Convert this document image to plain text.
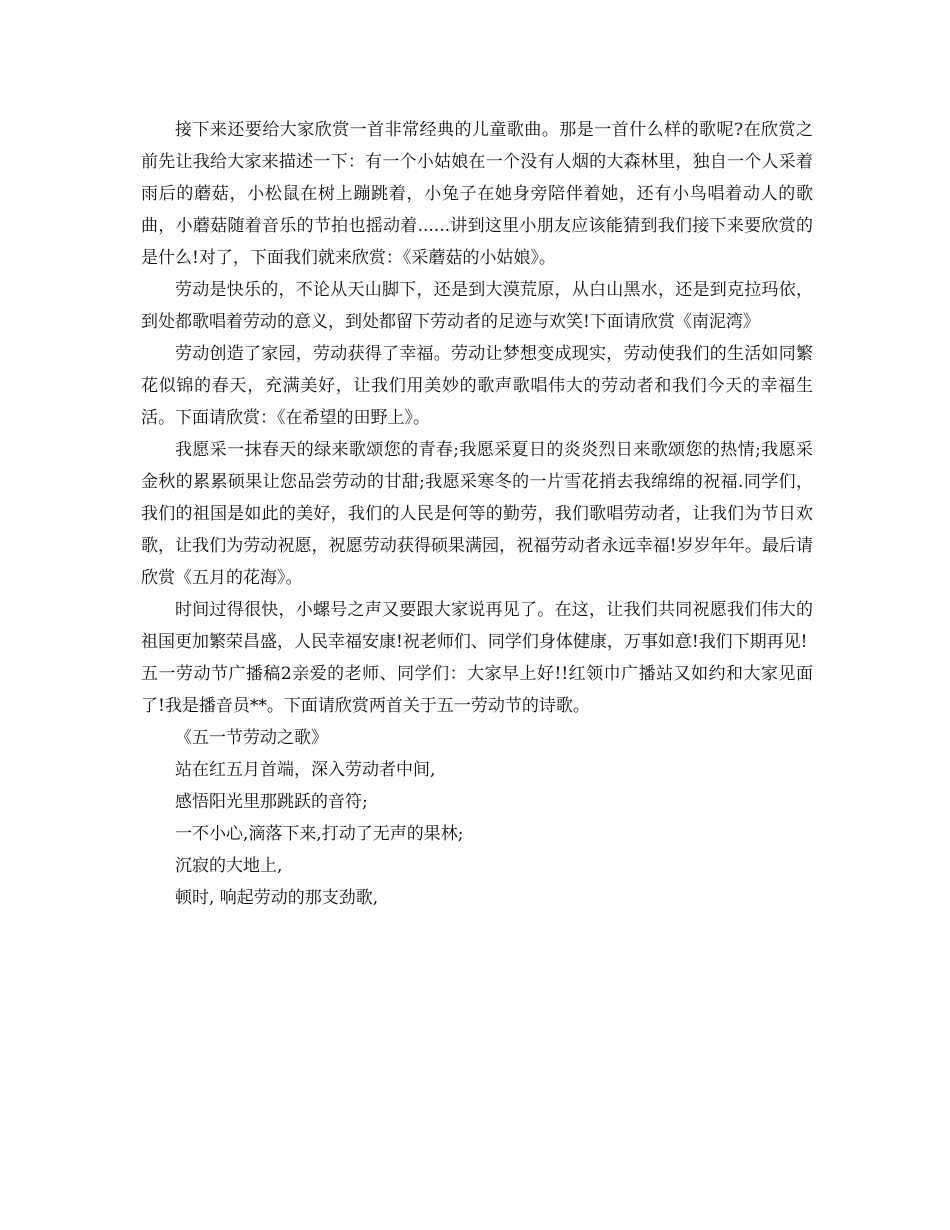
接下来还要给大家欣赏一首非常经典的儿童歌曲。那是一首什么样的歌呢?在欣赏之前先让我给大家来描述一下：有一个小姑娘在一个没有人烟的大森林里，独自一个人采着雨后的蘑菇，小松鼠在树上蹦跳着，小兔子在她身旁陪伴着她，还有小鸟唱着动人的歌曲，小蘑菇随着音乐的节拍也摇动着......讲到这里小朋友应该能猜到我们接下来要欣赏的是什么!对了，下面我们就来欣赏：《采蘑菇的小姑娘》。

劳动是快乐的，不论从天山脚下，还是到大漠荒原，从白山黑水，还是到克拉玛依，到处都歌唱着劳动的意义，到处都留下劳动者的足迹与欢笑!下面请欣赏《南泥湾》

劳动创造了家园，劳动获得了幸福。劳动让梦想变成现实，劳动使我们的生活如同繁花似锦的春天，充满美好，让我们用美妙的歌声歌唱伟大的劳动者和我们今天的幸福生活。下面请欣赏：《在希望的田野上》。

我愿采一抹春天的绿来歌颂您的青春;我愿采夏日的炎炎烈日来歌颂您的热情;我愿采金秋的累累硕果让您品尝劳动的甘甜;我愿采寒冬的一片雪花捎去我绵绵的祝福.同学们，我们的祖国是如此的美好，我们的人民是何等的勤劳，我们歌唱劳动者，让我们为节日欢歌，让我们为劳动祝愿，祝愿劳动获得硕果满园，祝福劳动者永远幸福!岁岁年年。最后请欣赏《五月的花海》。

时间过得很快，小螺号之声又要跟大家说再见了。在这，让我们共同祝愿我们伟大的祖国更加繁荣昌盛，人民幸福安康!祝老师们、同学们身体健康，万事如意!我们下期再见!

五一劳动节广播稿2亲爱的老师、同学们：大家早上好!!红领巾广播站又如约和大家见面了!我是播音员**。下面请欣赏两首关于五一劳动节的诗歌。

《五一节劳动之歌》

站在红五月首端，深入劳动者中间,

感悟阳光里那跳跃的音符;

一不小心,滴落下来,打动了无声的果林;

沉寂的大地上,

顿时, 响起劳动的那支劲歌,
